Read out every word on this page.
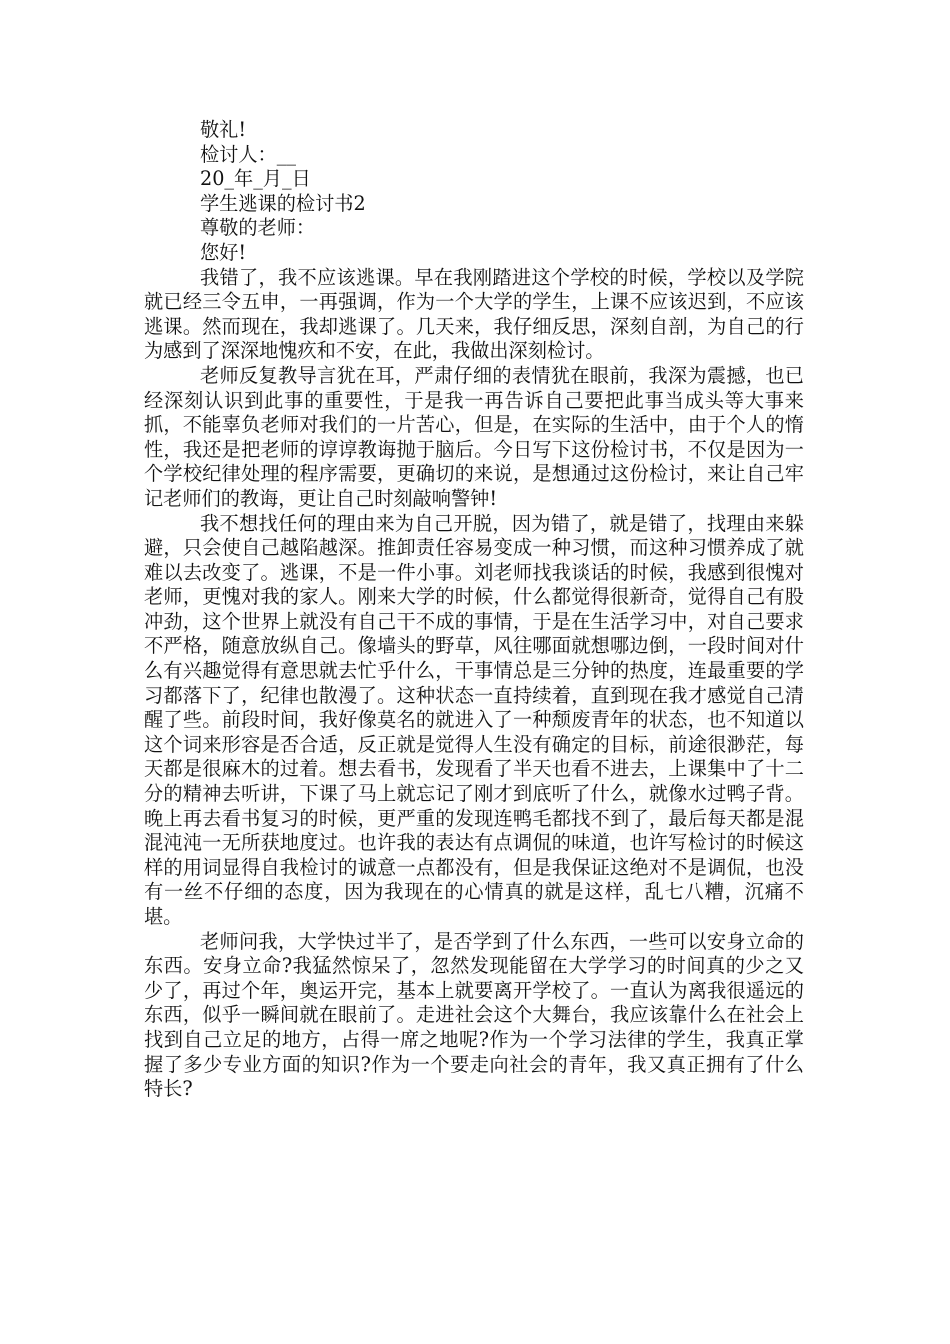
敬礼!

检讨人：__

20_年_月_日

学生逃课的检讨书2

尊敬的老师：

您好!

我错了，我不应该逃课。早在我刚踏进这个学校的时候，学校以及学院就已经三令五申，一再强调，作为一个大学的学生，上课不应该迟到，不应该逃课。然而现在，我却逃课了。几天来，我仔细反思，深刻自剖，为自己的行为感到了深深地愧疚和不安，在此，我做出深刻检讨。

老师反复教导言犹在耳，严肃仔细的表情犹在眼前，我深为震撼，也已经深刻认识到此事的重要性，于是我一再告诉自己要把此事当成头等大事来抓，不能辜负老师对我们的一片苦心，但是，在实际的生活中，由于个人的惰性，我还是把老师的谆谆教诲抛于脑后。今日写下这份检讨书，不仅是因为一个学校纪律处理的程序需要，更确切的来说，是想通过这份检讨，来让自己牢记老师们的教诲，更让自己时刻敲响警钟!

我不想找任何的理由来为自己开脱，因为错了，就是错了，找理由来躲避，只会使自己越陷越深。推卸责任容易变成一种习惯，而这种习惯养成了就难以去改变了。逃课，不是一件小事。刘老师找我谈话的时候，我感到很愧对老师，更愧对我的家人。刚来大学的时候，什么都觉得很新奇，觉得自己有股冲劲，这个世界上就没有自己干不成的事情，于是在生活学习中，对自己要求不严格，随意放纵自己。像墙头的野草，风往哪面就想哪边倒，一段时间对什么有兴趣觉得有意思就去忙乎什么，干事情总是三分钟的热度，连最重要的学习都落下了，纪律也散漫了。这种状态一直持续着，直到现在我才感觉自己清醒了些。前段时间，我好像莫名的就进入了一种颓废青年的状态，也不知道以这个词来形容是否合适，反正就是觉得人生没有确定的目标，前途很渺茫，每天都是很麻木的过着。想去看书，发现看了半天也看不进去，上课集中了十二分的精神去听讲，下课了马上就忘记了刚才到底听了什么，就像水过鸭子背。晚上再去看书复习的时候，更严重的发现连鸭毛都找不到了，最后每天都是混混沌沌一无所获地度过。也许我的表达有点调侃的味道，也许写检讨的时候这样的用词显得自我检讨的诚意一点都没有，但是我保证这绝对不是调侃，也没有一丝不仔细的态度，因为我现在的心情真的就是这样，乱七八糟，沉痛不堪。

老师问我，大学快过半了，是否学到了什么东西，一些可以安身立命的东西。安身立命?我猛然惊呆了，忽然发现能留在大学学习的时间真的少之又少了，再过个年，奥运开完，基本上就要离开学校了。一直认为离我很遥远的东西，似乎一瞬间就在眼前了。走进社会这个大舞台，我应该靠什么在社会上找到自己立足的地方，占得一席之地呢?作为一个学习法律的学生，我真正掌握了多少专业方面的知识?作为一个要走向社会的青年，我又真正拥有了什么特长?
